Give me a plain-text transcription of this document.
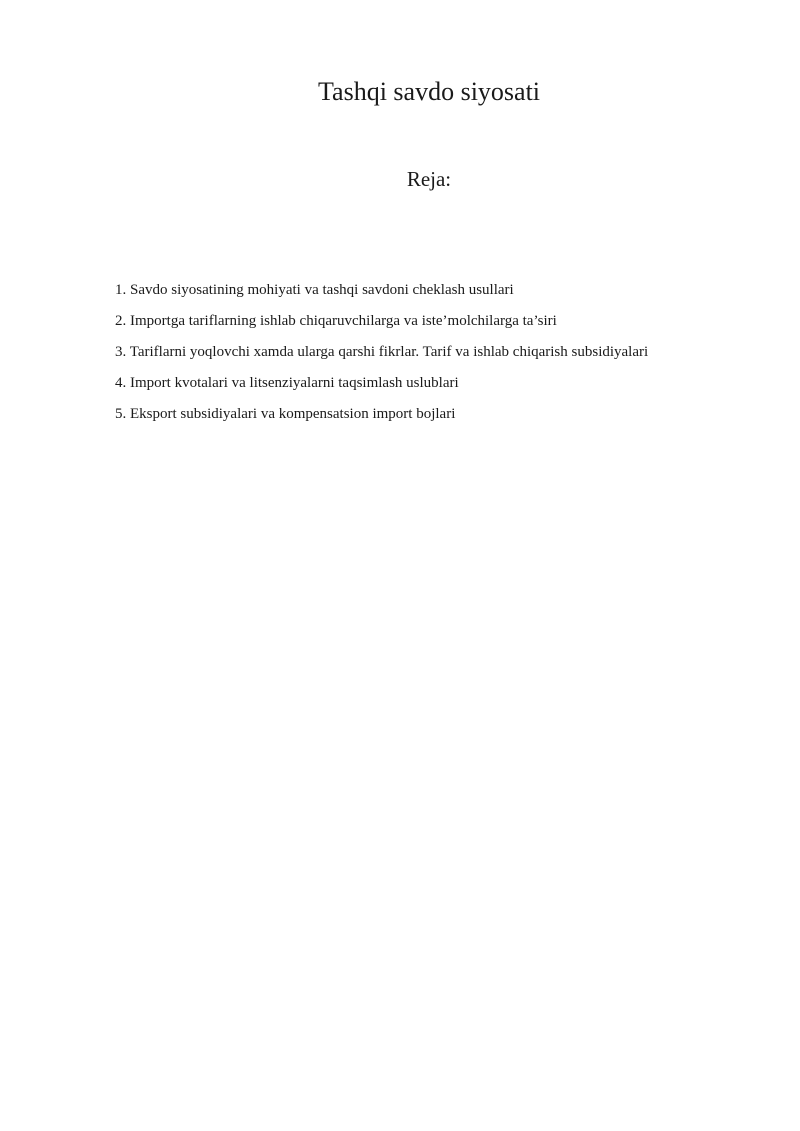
Tashqi savdo siyosati
Reja:
1. Savdo siyosatining mohiyati va tashqi savdoni cheklash usullari
2. Importga tariflarning ishlab chiqaruvchilarga va iste’molchilarga ta’siri
3. Tariflarni yoqlovchi xamda ularga qarshi fikrlar. Tarif va ishlab chiqarish subsidiyalari
4. Import kvotalari va litsenziyalarni taqsimlash uslublari
5. Eksport subsidiyalari va kompensatsion import bojlari
